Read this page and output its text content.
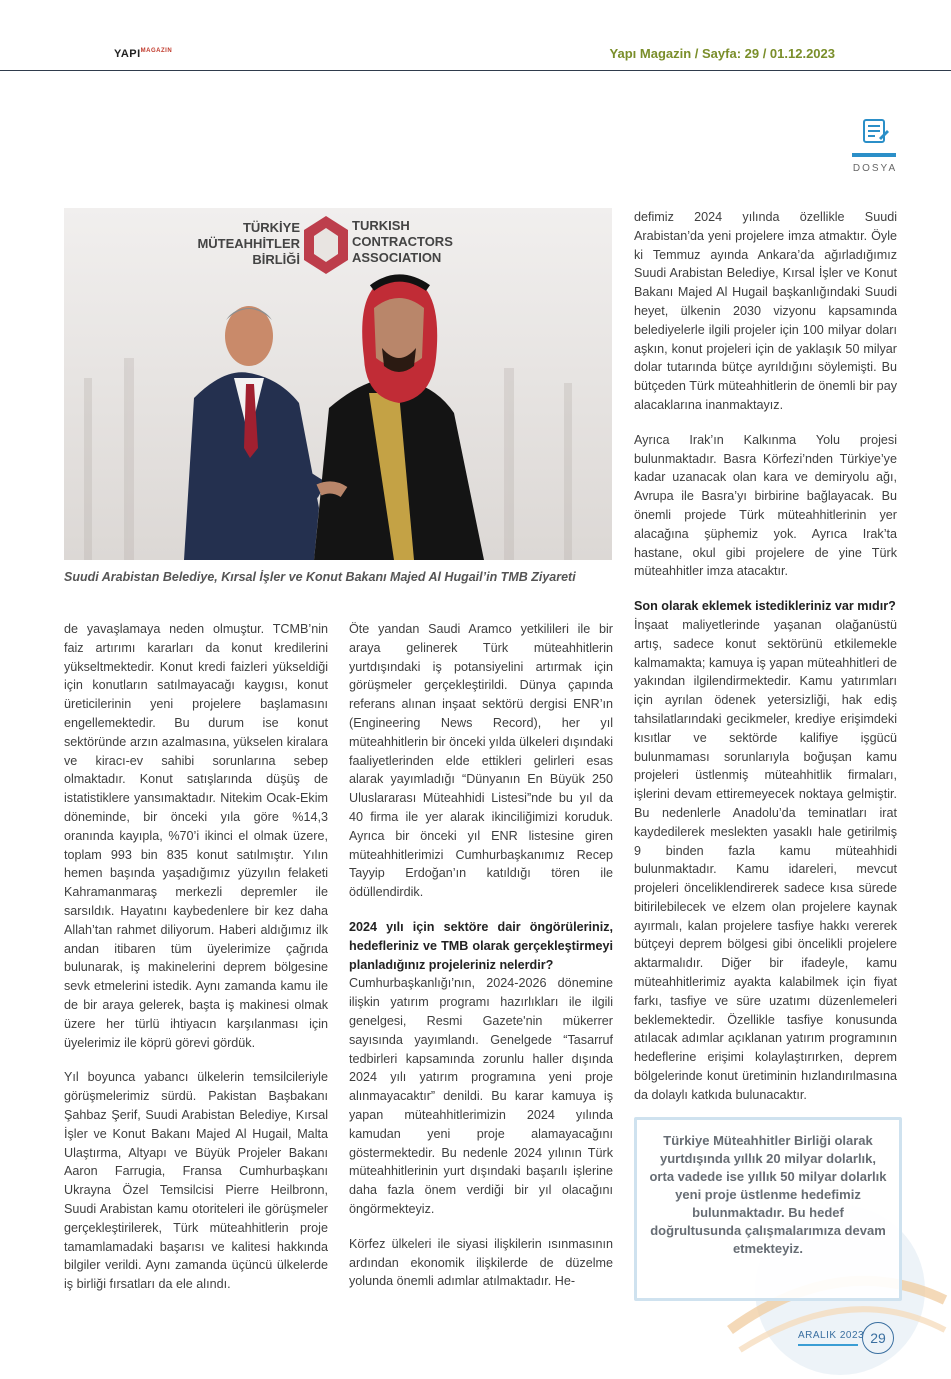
$YAPI^{MAGAZIN}$	Yapı Magazin / Sayfa: 29 / 01.12.2023
DOSYA
TÜRKİYE
MÜTEAHHİTLER
BİRLİĞİ
TURKISH
CONTRACTORS
ASSOCIATION
Suudi Arabistan Belediye, Kırsal İşler ve Konut Bakanı Majed Al Hugail’in TMB Ziyareti

de yavaşlamaya neden olmuştur. TCMB’nin faiz artırımı kararları da konut kredilerini yükseltmektedir. Konut kredi faizleri yükseldiği için konutların satılmayacağı kaygısı, konut üreticilerinin yeni projelere başlamasını engellemektedir. Bu durum ise konut sektöründe arzın azalmasına, yükselen kiralara ve kiracı-ev sahibi sorunlarına sebep olmaktadır. Konut satışlarında düşüş de istatistiklere yansımaktadır. Nitekim Ocak-Ekim döneminde, bir önceki yıla göre %14,3 oranında kayıpla, %70’i ikinci el olmak üzere, toplam 993 bin 835 konut satılmıştır. Yılın hemen başında yaşadığımız yüzyılın felaketi Kahramanmaraş merkezli depremler ile sarsıldık. Hayatını kaybedenlere bir kez daha Allah’tan rahmet diliyorum. Haberi aldığımız ilk andan itibaren tüm üyelerimize çağrıda bulunarak, iş makinelerini deprem bölgesine sevk etmelerini istedik. Aynı zamanda kamu ile de bir araya gelerek, başta iş makinesi olmak üzere her türlü ihtiyacın karşılanması için üyelerimiz ile köprü görevi gördük.

Yıl boyunca yabancı ülkelerin temsilcileriyle görüşmelerimiz sürdü. Pakistan Başbakanı Şahbaz Şerif, Suudi Arabistan Belediye, Kırsal İşler ve Konut Bakanı Majed Al Hugail, Malta Ulaştırma, Altyapı ve Büyük Projeler Bakanı Aaron Farrugia, Fransa Cumhurbaşkanı Ukrayna Özel Temsilcisi Pierre Heilbronn, Suudi Arabistan kamu otoriteleri ile görüşmeler gerçekleştirilerek, Türk müteahhitlerin proje tamamlamadaki başarısı ve kalitesi hakkında bilgiler verildi. Aynı zamanda üçüncü ülkelerde iş birliği fırsatları da ele alındı.

Öte yandan Saudi Aramco yetkilileri ile bir araya gelinerek Türk müteahhitlerin yurtdışındaki iş potansiyelini artırmak için görüşmeler gerçekleştirildi. Dünya çapında referans alınan inşaat sektörü dergisi ENR’ın (Engineering News Record), her yıl müteahhitlerin bir önceki yılda ülkeleri dışındaki faaliyetlerinden elde ettikleri gelirleri esas alarak yayımladığı “Dünyanın En Büyük 250 Uluslararası Müteahhidi Listesi”nde bu yıl da 40 firma ile yer alarak ikinciliğimizi koruduk. Ayrıca bir önceki yıl ENR listesine giren müteahhitlerimizi Cumhurbaşkanımız Recep Tayyip Erdoğan’ın katıldığı tören ile ödüllendirdik.

2024 yılı için sektöre dair öngörüleriniz, hedefleriniz ve TMB olarak gerçekleştirmeyi planladığınız projeleriniz nelerdir?

Cumhurbaşkanlığı’nın, 2024-2026 dönemine ilişkin yatırım programı hazırlıkları ile ilgili genelgesi, Resmi Gazete'nin mükerrer sayısında yayımlandı. Genelgede “Tasarruf tedbirleri kapsamında zorunlu haller dışında 2024 yılı yatırım programına yeni proje alınmayacaktır” denildi. Bu karar kamuya iş yapan müteahhitlerimizin 2024 yılında kamudan yeni proje alamayacağını göstermektedir. Bu nedenle 2024 yılının Türk müteahhitlerinin yurt dışındaki başarılı işlerine daha fazla önem verdiği bir yıl olacağını öngörmekteyiz.

Körfez ülkeleri ile siyasi ilişkilerin ısınmasının ardından ekonomik ilişkilerde de düzelme yolunda önemli adımlar atılmaktadır. He-

defimiz 2024 yılında özellikle Suudi Arabistan’da yeni projelere imza atmaktır. Öyle ki Temmuz ayında Ankara’da ağırladığımız Suudi Arabistan Belediye, Kırsal İşler ve Konut Bakanı Majed Al Hugail başkanlığındaki Suudi heyet, ülkenin 2030 vizyonu kapsamında belediyelerle ilgili projeler için 100 milyar doları aşkın, konut projeleri için de yaklaşık 50 milyar dolar tutarında bütçe ayrıldığını söylemişti. Bu bütçeden Türk müteahhitlerin de önemli bir pay alacaklarına inanmaktayız.

Ayrıca Irak’ın Kalkınma Yolu projesi bulunmaktadır. Basra Körfezi’nden Türkiye’ye kadar uzanacak olan kara ve demiryolu ağı, Avrupa ile Basra’yı birbirine bağlayacak. Bu önemli projede Türk müteahhitlerinin yer alacağına şüphemiz yok. Ayrıca Irak’ta hastane, okul gibi projelere de yine Türk müteahhitler imza atacaktır.

Son olarak eklemek istedikleriniz var mıdır?

İnşaat maliyetlerinde yaşanan olağanüstü artış, sadece konut sektörünü etkilemekle kalmamakta; kamuya iş yapan müteahhitleri de yakından ilgilendirmektedir. Kamu yatırımları için ayrılan ödenek yetersizliği, hak ediş tahsilatlarındaki gecikmeler, krediye erişimdeki kısıtlar ve sektörde kalifiye işgücü bulunmaması sorunlarıyla boğuşan kamu projeleri üstlenmiş müteahhitlik firmaları, işlerini devam ettiremeyecek noktaya gelmiştir. Bu nedenlerle Anadolu’da teminatları irat kaydedilerek meslekten yasaklı hale getirilmiş 9 binden fazla kamu müteahhidi bulunmaktadır. Kamu idareleri, mevcut projeleri önceliklendirerek sadece kısa sürede bitirilebilecek ve elzem olan projelere kaynak ayırmalı, kalan projelere tasfiye hakkı vererek bütçeyi deprem bölgesi gibi öncelikli projelere aktarmalıdır. Diğer bir ifadeyle, kamu müteahhitlerimiz ayakta kalabilmek için fiyat farkı, tasfiye ve süre uzatımı düzenlemeleri beklemektedir. Özellikle tasfiye konusunda atılacak adımlar açıklanan yatırım programının hedeflerine erişimi kolaylaştırırken, deprem bölgelerinde konut üretiminin hızlandırılmasına da dolaylı katkıda bulunacaktır.

Türkiye Müteahhitler Birliği olarak yurtdışında yıllık 20 milyar dolarlık, orta vadede ise yıllık 50 milyar dolarlık yeni proje üstlenme hedefimiz bulunmaktadır. Bu hedef doğrultusunda çalışmalarımıza devam etmekteyiz.
ARALIK 2023 29
